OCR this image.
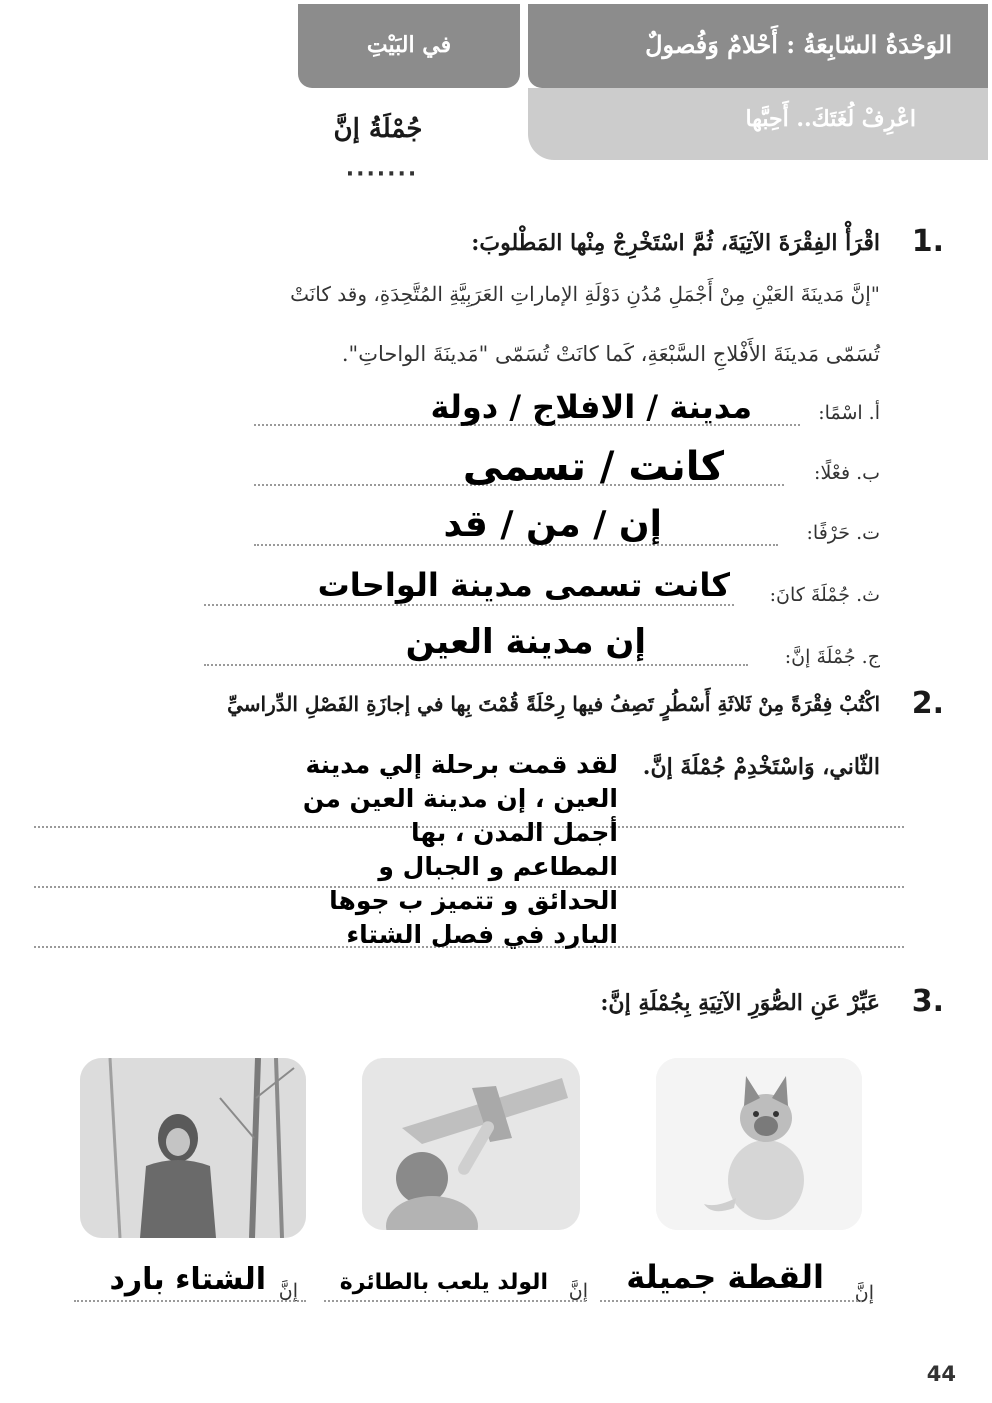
الوَحْدَةُ السّابِعَةُ : أَحْلامٌ وَفُصولٌ
اعْرِفْ لُغَتَكَ.. أَحِبَّها
في البَيْتِ
جُمْلَةُ إنَّ
·······
1.
اقْرَأْ الفِقْرَةَ الآتِيَةَ، ثُمَّ اسْتَخْرِجْ مِنْها المَطْلوبَ:
"إنَّ مَدينَةَ العَيْنِ مِنْ أَجْمَلِ مُدُنِ دَوْلَةِ الإماراتِ العَرَبِيَّةِ المُتَّحِدَةِ، وقد كانَتْ
تُسَمّى مَدينَةَ الأَفْلاجِ السَّبْعَةِ، كَما كانَتْ تُسَمّى "مَدينَةَ الواحاتِ".
أ. اسْمًا:
مدينة / الافلاج / دولة
ب. فعْلًا:
كانت / تسمى
ت. حَرْفًا:
إن / من / قد
ث. جُمْلَةَ كانَ:
كانت تسمى مدينة الواحات
ج. جُمْلَةَ إنَّ:
إن مدينة العين
2.
اكْتُبْ فِقْرَةً مِنْ ثَلاثَةِ أَسْطُرٍ تَصِفُ فيها رِحْلَةً قُمْتَ بِها في إجازَةِ الفَصْلِ الدِّراسيِّ
الثّاني، وَاسْتَخْدِمْ جُمْلَةَ إنَّ.
لقد قمت برحلة إلي مدينة العين ، إن مدينة العين من أجمل المدن ، بها المطاعم و الجبال و الحدائق و تتميز ب جوها البارد في فصل الشتاء
3.
عَبِّرْ عَنِ الصُّوَرِ الآتِيَةِ بِجُمْلَةِ إنَّ:
إنَّ
القطة جميلة
إنَّ
الولد يلعب بالطائرة
إنَّ
الشتاء بارد
44
